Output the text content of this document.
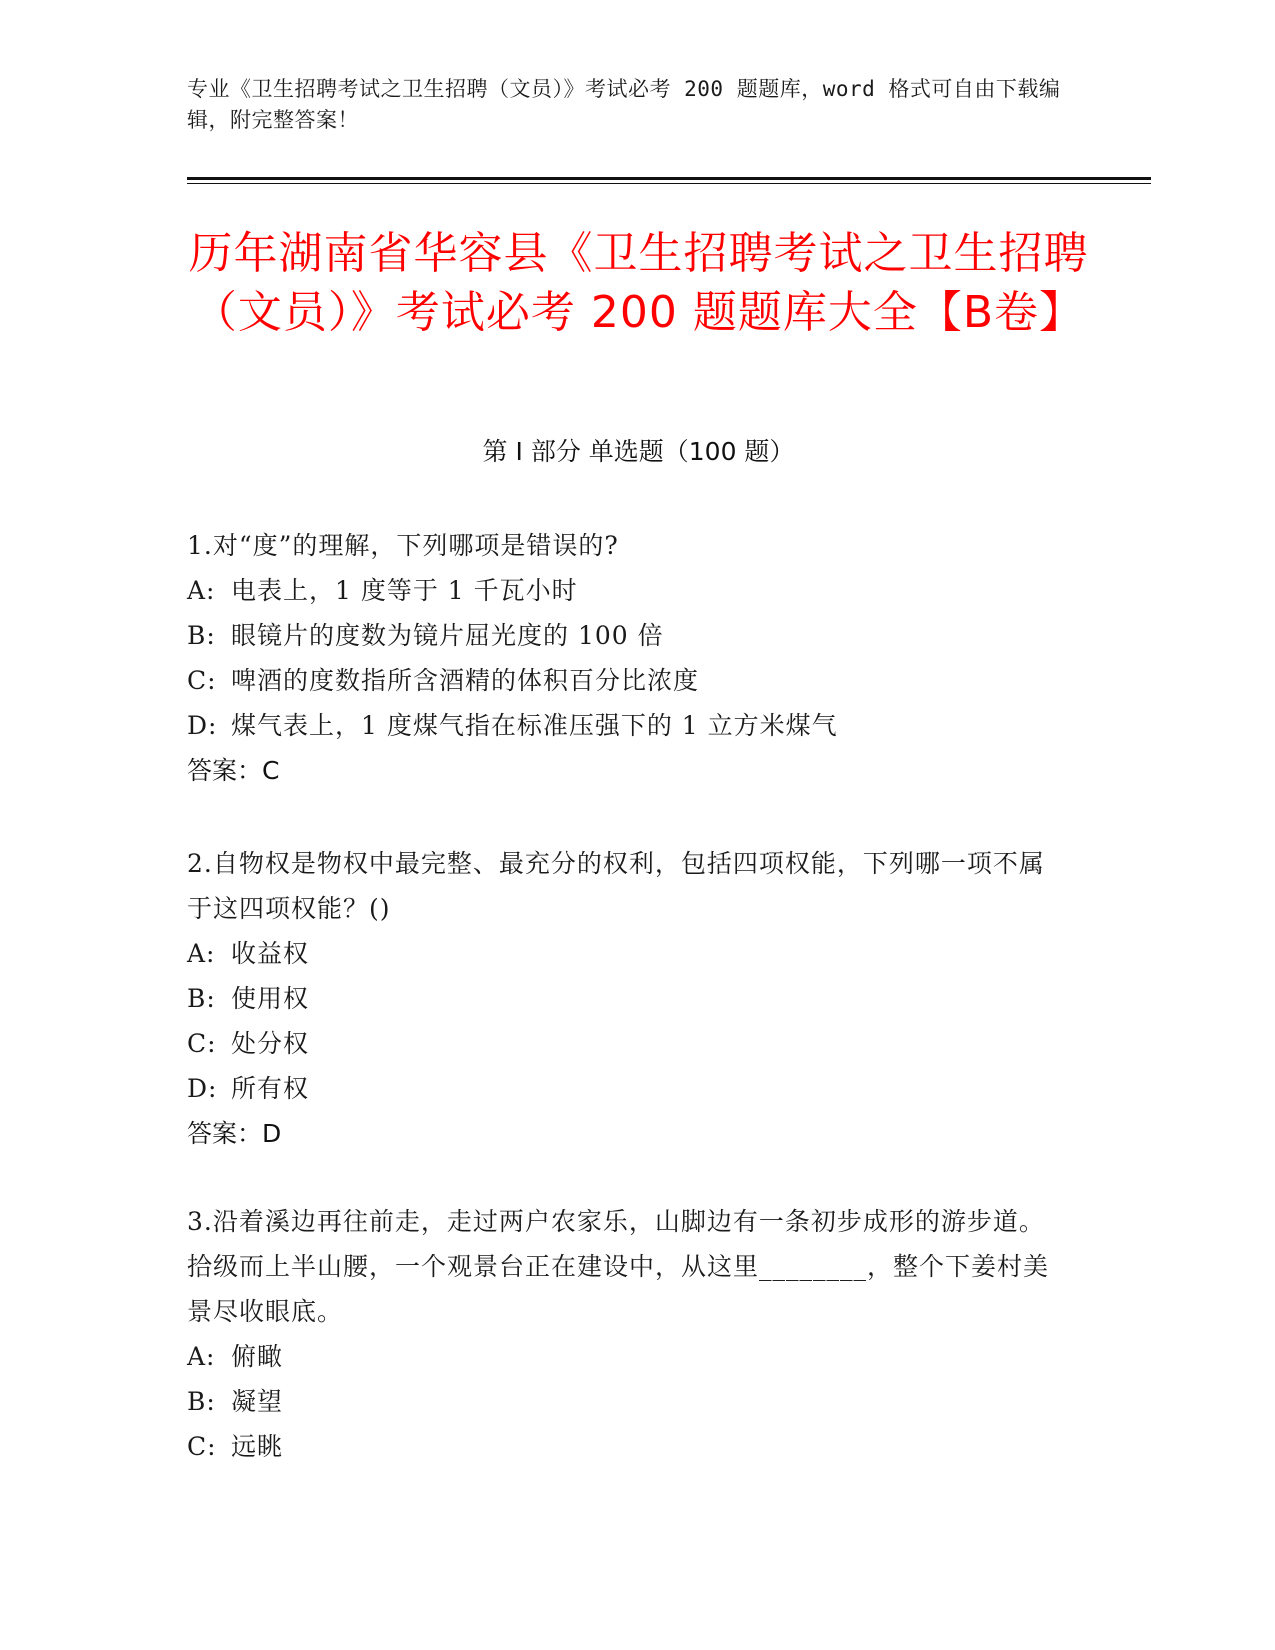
专业《卫生招聘考试之卫生招聘（文员）》考试必考 200 题题库，word 格式可自由下载编辑，附完整答案！
历年湖南省华容县《卫生招聘考试之卫生招聘（文员）》考试必考 200 题题库大全【B卷】
第 I 部分 单选题（100 题）

1.对“度”的理解，下列哪项是错误的?

A: 电表上，1 度等于 1 千瓦小时

B: 眼镜片的度数为镜片屈光度的 100 倍

C: 啤酒的度数指所含酒精的体积百分比浓度

D: 煤气表上，1 度煤气指在标准压强下的 1 立方米煤气

答案：C

2.自物权是物权中最完整、最充分的权利，包括四项权能，下列哪一项不属于这四项权能？()

A: 收益权

B: 使用权

C: 处分权

D: 所有权

答案：D

3.沿着溪边再往前走，走过两户农家乐，山脚边有一条初步成形的游步道。拾级而上半山腰，一个观景台正在建设中，从这里________，整个下姜村美景尽收眼底。

A: 俯瞰

B: 凝望

C: 远眺
